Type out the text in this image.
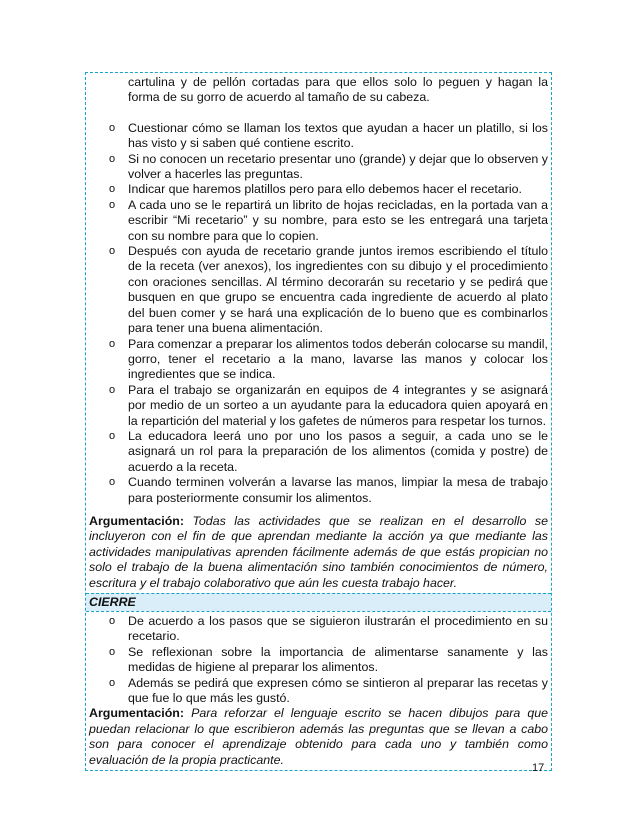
cartulina y de pellón cortadas para que ellos solo lo peguen y hagan la forma de su gorro de acuerdo al tamaño de su cabeza.
o Cuestionar cómo se llaman los textos que ayudan a hacer un platillo, si los has visto y si saben qué contiene escrito.
o Si no conocen un recetario presentar uno (grande) y dejar que lo observen y volver a hacerles las preguntas.
o Indicar que haremos platillos pero para ello debemos hacer el recetario.
o A cada uno se le repartirá un librito de hojas recicladas, en la portada van a escribir “Mi recetario” y su nombre, para esto se les entregará una tarjeta con su nombre para que lo copien.
o Después con ayuda de recetario grande juntos iremos escribiendo el título de la receta (ver anexos), los ingredientes con su dibujo y el procedimiento con oraciones sencillas. Al término decorarán su recetario y se pedirá que busquen en que grupo se encuentra cada ingrediente de acuerdo al plato del buen comer y se hará una explicación de lo bueno que es combinarlos para tener una buena alimentación.
o Para comenzar a preparar los alimentos todos deberán colocarse su mandil, gorro, tener el recetario a la mano, lavarse las manos y colocar los ingredientes que se indica.
o Para el trabajo se organizarán en equipos de 4 integrantes y se asignará por medio de un sorteo a un ayudante para la educadora quien apoyará en la repartición del material y los gafetes de números para respetar los turnos.
o La educadora leerá uno por uno los pasos a seguir, a cada uno se le asignará un rol para la preparación de los alimentos (comida y postre) de acuerdo a la receta.
o Cuando terminen volverán a lavarse las manos, limpiar la mesa de trabajo para posteriormente consumir los alimentos.
Argumentación: Todas las actividades que se realizan en el desarrollo se incluyeron con el fin de que aprendan mediante la acción ya que mediante las actividades manipulativas aprenden fácilmente además de que estás propician no solo el trabajo de la buena alimentación sino también conocimientos de número, escritura y el trabajo colaborativo que aún les cuesta trabajo hacer.
CIERRE
o De acuerdo a los pasos que se siguieron ilustrarán el procedimiento en su recetario.
o Se reflexionan sobre la importancia de alimentarse sanamente y las medidas de higiene al preparar los alimentos.
o Además se pedirá que expresen cómo se sintieron al preparar las recetas y que fue lo que más les gustó.
Argumentación: Para reforzar el lenguaje escrito se hacen dibujos para que puedan relacionar lo que escribieron además las preguntas que se llevan a cabo son para conocer el aprendizaje obtenido para cada uno y también como evaluación de la propia practicante.
17
